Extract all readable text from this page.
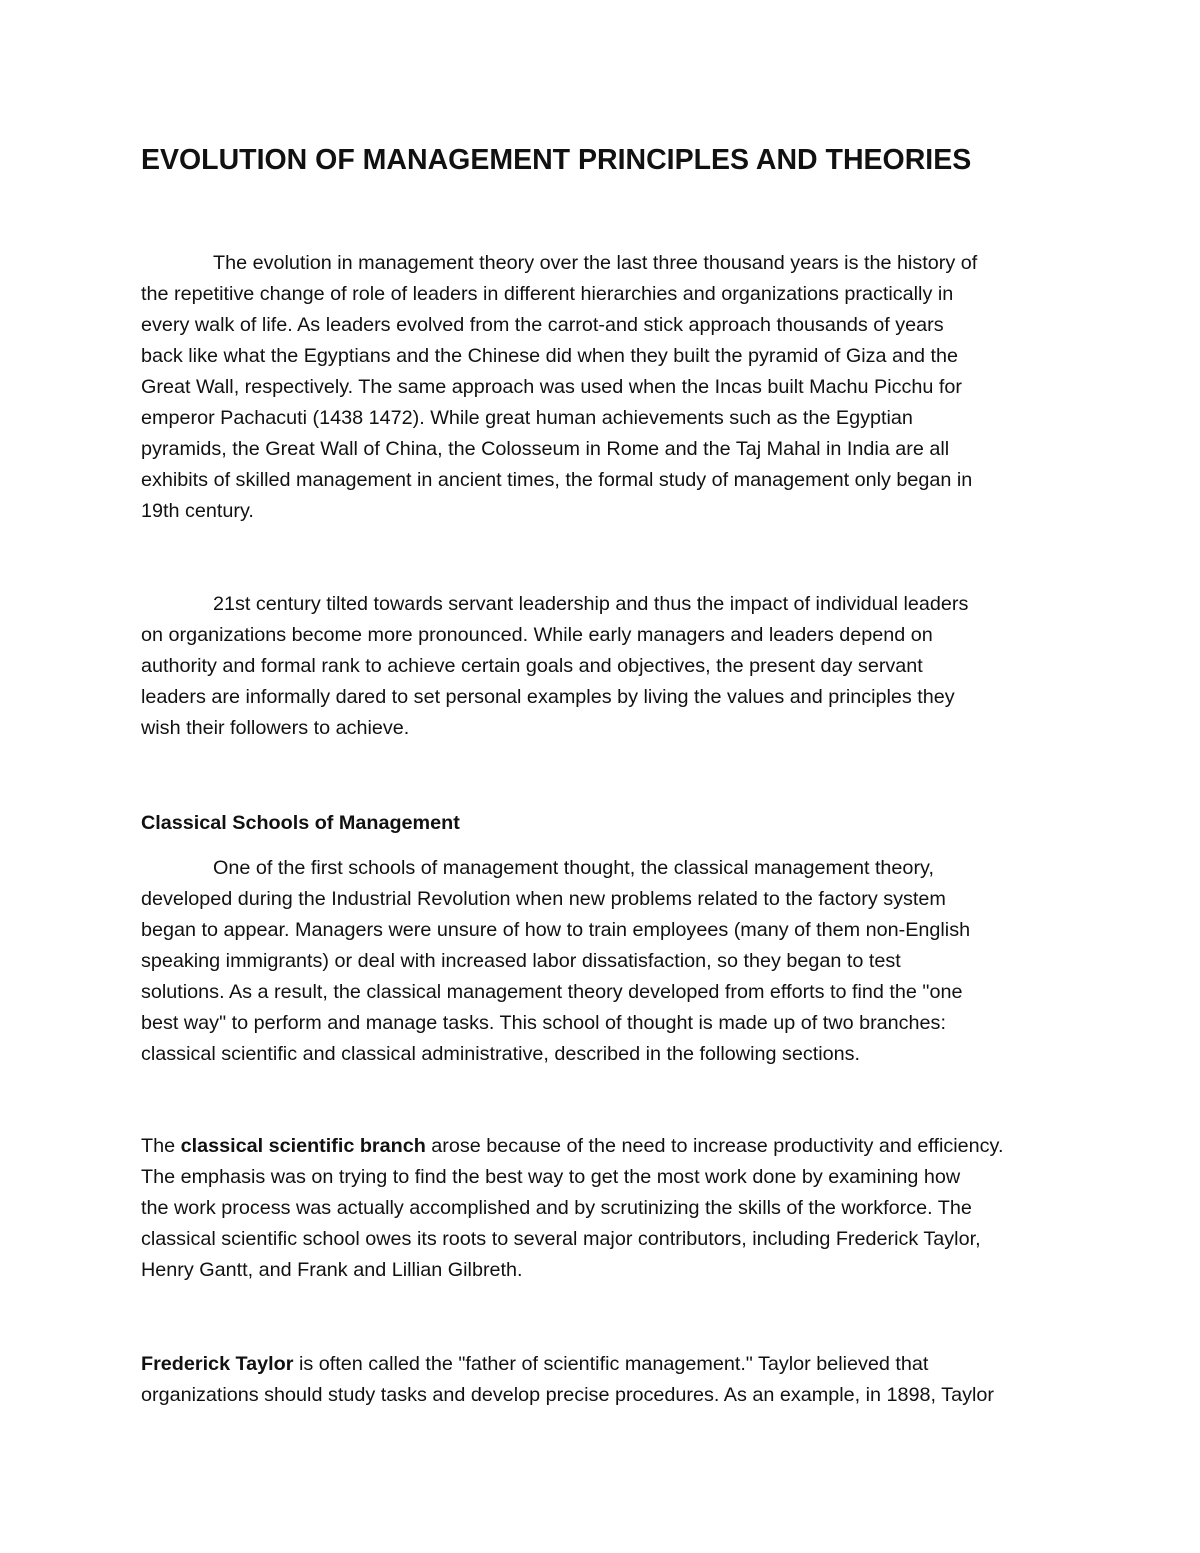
EVOLUTION OF MANAGEMENT PRINCIPLES AND THEORIES
The evolution in management theory over the last three thousand years is the history of
the repetitive change of role of leaders in different hierarchies and organizations practically in
every walk of life. As leaders evolved from the carrot-and stick approach thousands of years
back like what the Egyptians and the Chinese did when they built the pyramid of Giza and the
Great Wall, respectively. The same approach was used when the Incas built Machu Picchu for
emperor Pachacuti (1438 1472). While great human achievements such as the Egyptian
pyramids, the Great Wall of China, the Colosseum in Rome and the Taj Mahal in India are all
exhibits of skilled management in ancient times, the formal study of management only began in
19th century.
21st century tilted towards servant leadership and thus the impact of individual leaders
on organizations become more pronounced. While early managers and leaders depend on
authority and formal rank to achieve certain goals and objectives, the present day servant
leaders are informally dared to set personal examples by living the values and principles they
wish their followers to achieve.
Classical Schools of Management
One of the first schools of management thought, the classical management theory,
developed during the Industrial Revolution when new problems related to the factory system
began to appear. Managers were unsure of how to train employees (many of them non-English
speaking immigrants) or deal with increased labor dissatisfaction, so they began to test
solutions. As a result, the classical management theory developed from efforts to find the "one
best way" to perform and manage tasks. This school of thought is made up of two branches:
classical scientific and classical administrative, described in the following sections.
The classical scientific branch arose because of the need to increase productivity and efficiency.
The emphasis was on trying to find the best way to get the most work done by examining how
the work process was actually accomplished and by scrutinizing the skills of the workforce. The
classical scientific school owes its roots to several major contributors, including Frederick Taylor,
Henry Gantt, and Frank and Lillian Gilbreth.
Frederick Taylor is often called the "father of scientific management." Taylor believed that
organizations should study tasks and develop precise procedures. As an example, in 1898, Taylor
